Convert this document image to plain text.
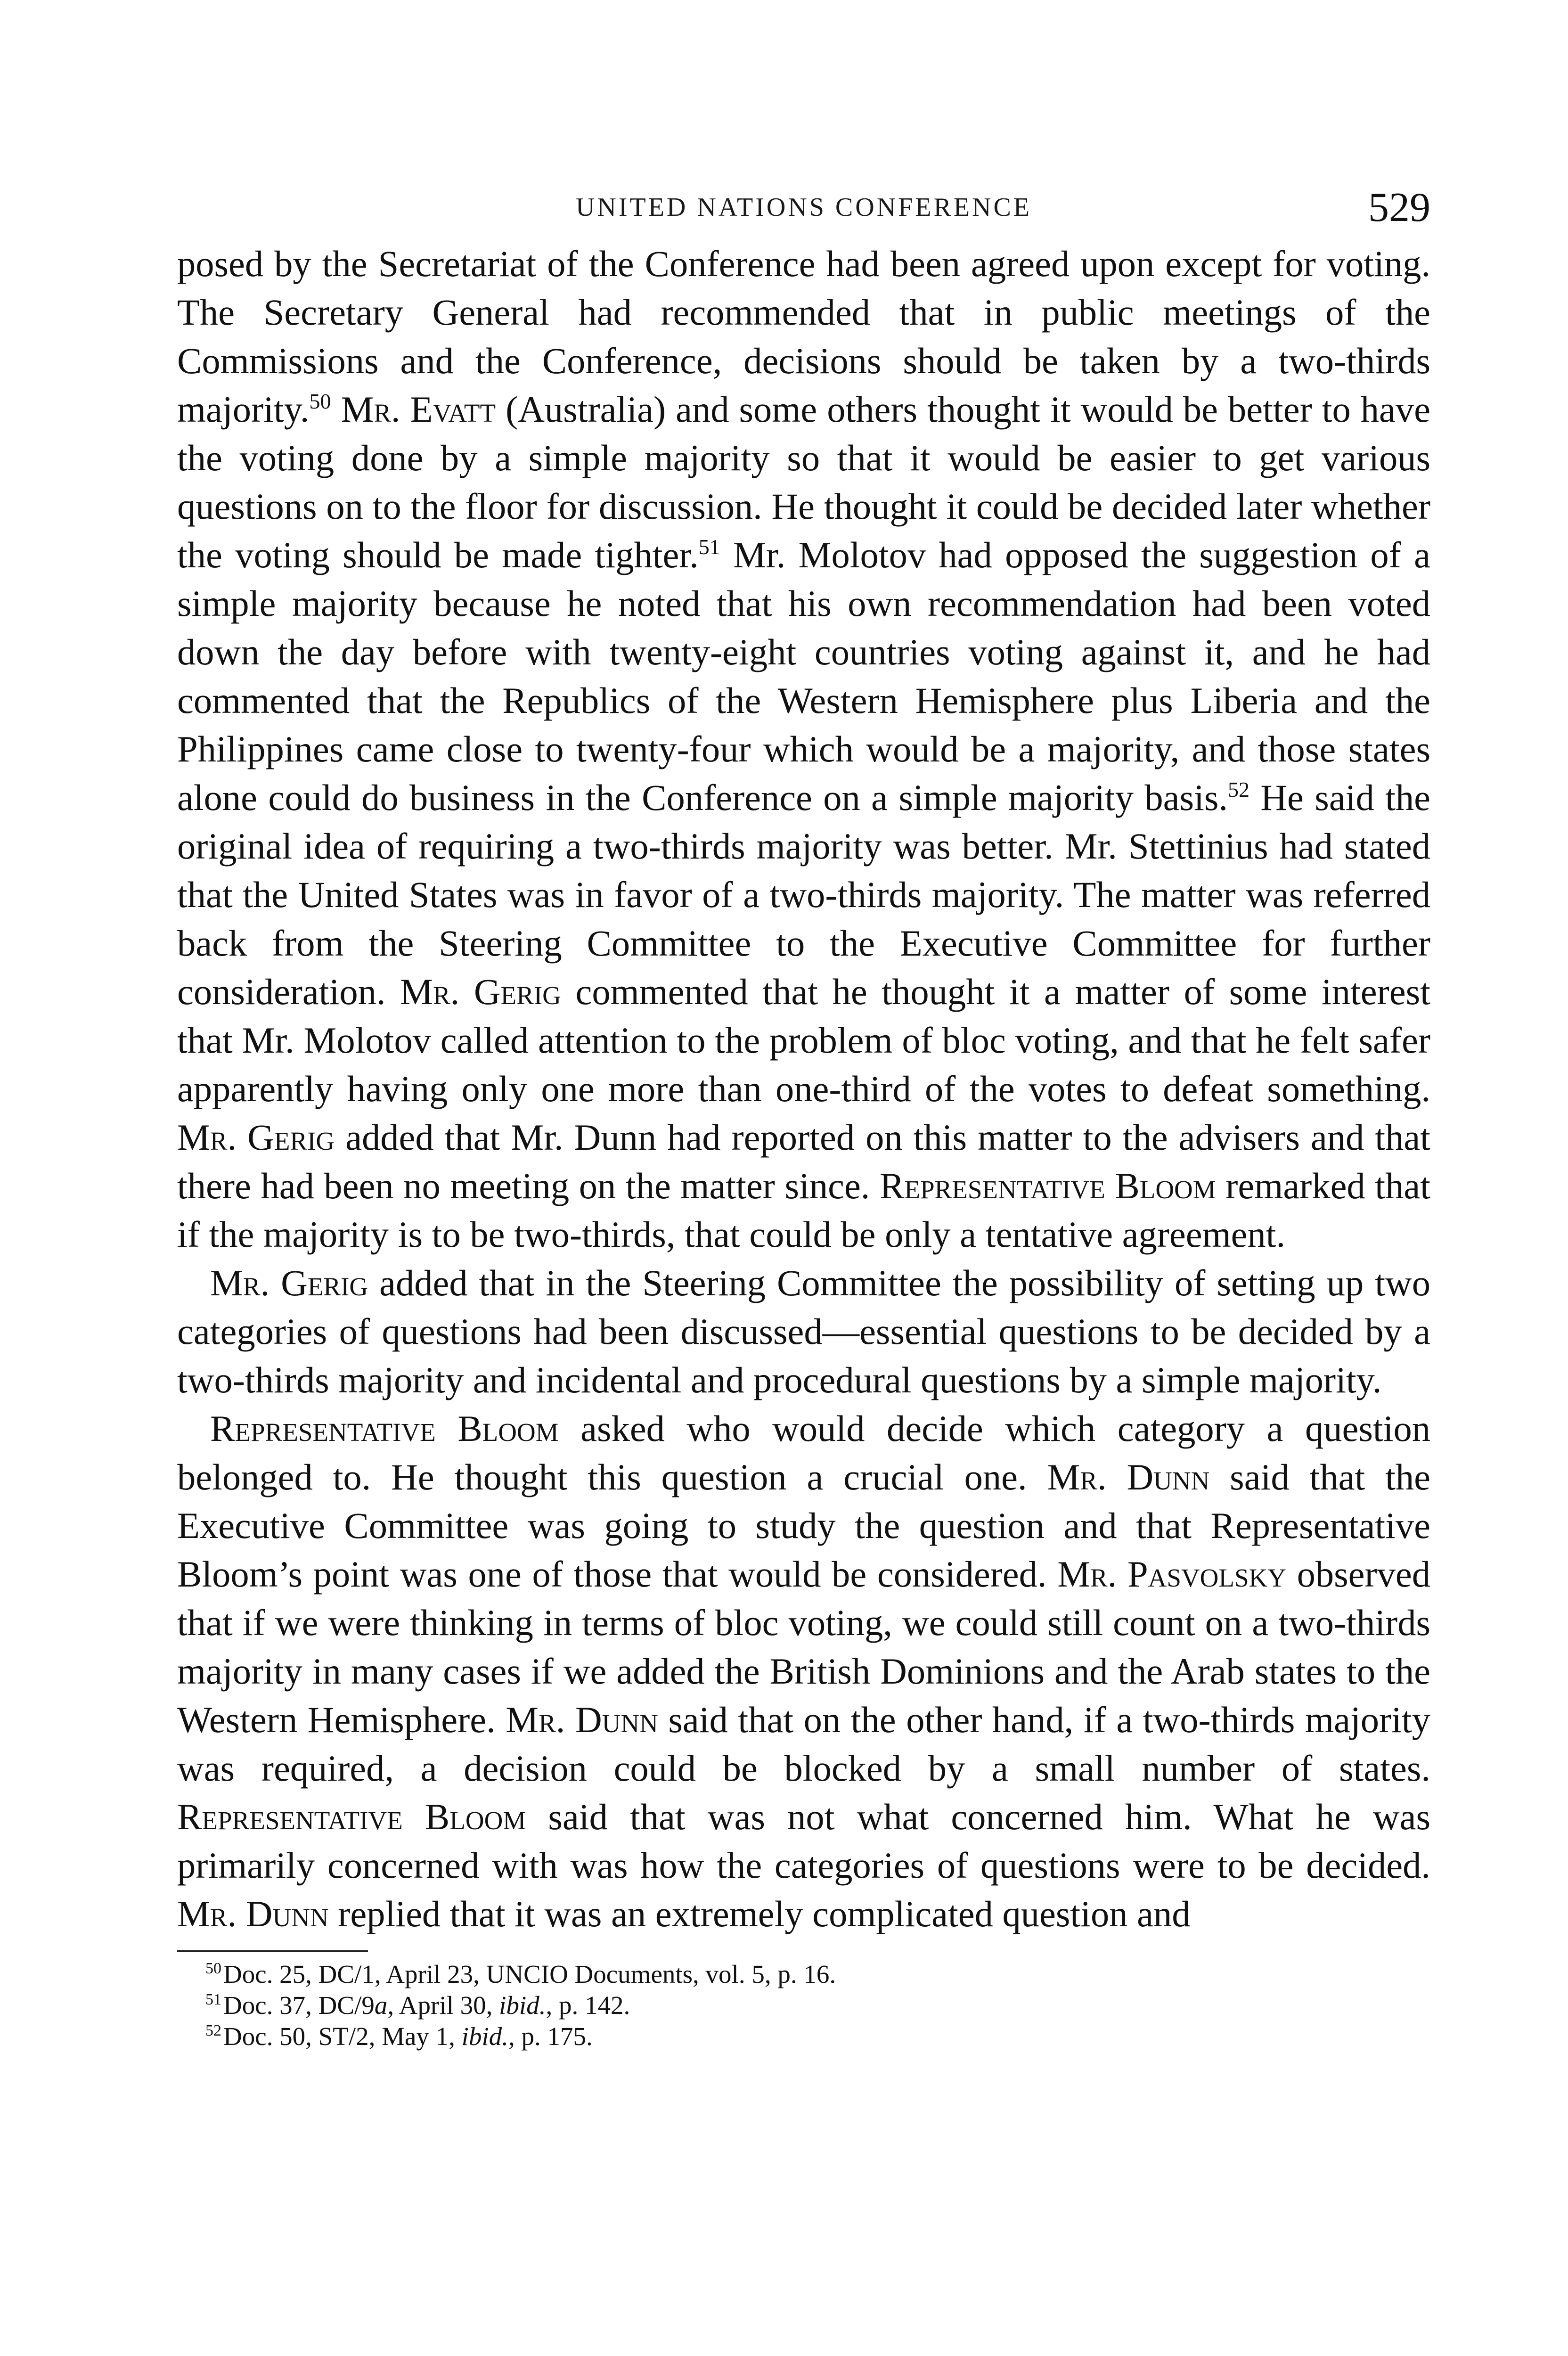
UNITED NATIONS CONFERENCE	529

posed by the Secretariat of the Conference had been agreed upon except for voting. The Secretary General had recommended that in public meetings of the Commissions and the Conference, decisions should be taken by a two-thirds majority.$^{50}$ Mr. Evatt (Australia) and some others thought it would be better to have the voting done by a simple majority so that it would be easier to get various questions on to the floor for discussion. He thought it could be decided later whether the voting should be made tighter.$^{51}$ Mr. Molotov had opposed the suggestion of a simple majority because he noted that his own recommendation had been voted down the day before with twenty-eight countries voting against it, and he had commented that the Republics of the Western Hemisphere plus Liberia and the Philippines came close to twenty-four which would be a majority, and those states alone could do business in the Conference on a simple majority basis.$^{52}$ He said the original idea of requiring a two-thirds majority was better. Mr. Stettinius had stated that the United States was in favor of a two-thirds majority. The matter was referred back from the Steering Committee to the Executive Committee for further consideration. Mr. Gerig commented that he thought it a matter of some interest that Mr. Molotov called attention to the problem of bloc voting, and that he felt safer apparently having only one more than one-third of the votes to defeat something. Mr. Gerig added that Mr. Dunn had reported on this matter to the advisers and that there had been no meeting on the matter since. Representative Bloom remarked that if the majority is to be two-thirds, that could be only a tentative agreement.

Mr. Gerig added that in the Steering Committee the possibility of setting up two categories of questions had been discussed—essential questions to be decided by a two-thirds majority and incidental and procedural questions by a simple majority.

Representative Bloom asked who would decide which category a question belonged to. He thought this question a crucial one. Mr. Dunn said that the Executive Committee was going to study the question and that Representative Bloom’s point was one of those that would be considered. Mr. Pasvolsky observed that if we were thinking in terms of bloc voting, we could still count on a two-thirds majority in many cases if we added the British Dominions and the Arab states to the Western Hemisphere. Mr. Dunn said that on the other hand, if a two-thirds majority was required, a decision could be blocked by a small number of states. Representative Bloom said that was not what concerned him. What he was primarily concerned with was how the categories of questions were to be decided. Mr. Dunn replied that it was an extremely complicated question and

$^{50}$Doc. 25, DC/1, April 23, UNCIO Documents, vol. 5, p. 16.
$^{51}$Doc. 37, DC/9a, April 30, ibid., p. 142.
$^{52}$Doc. 50, ST/2, May 1, ibid., p. 175.
